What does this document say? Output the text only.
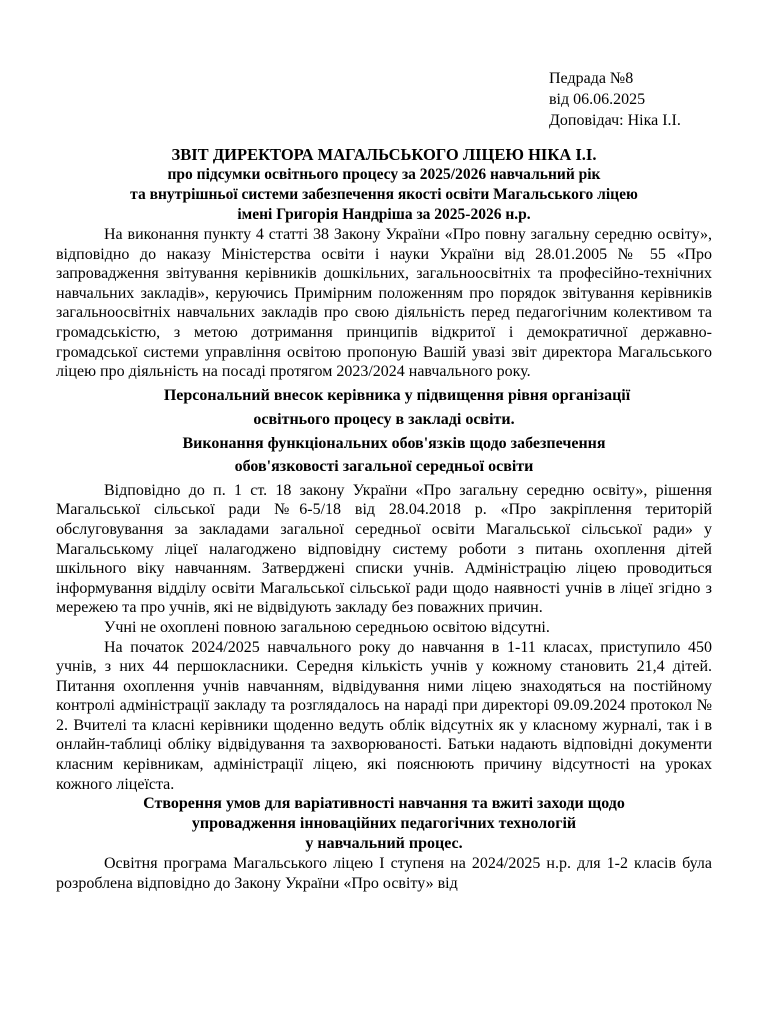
Педрада №8
від 06.06.2025
Доповідач: Ніка І.І.
ЗВІТ ДИРЕКТОРА МАГАЛЬСЬКОГО ЛІЦЕЮ НІКА І.І.
про підсумки освітнього процесу за 2025/2026 навчальний рік
та внутрішньої системи забезпечення якості освіти Магальського ліцею
імені Григорія Нандріша за 2025-2026 н.р.

На виконання пункту 4 статті 38 Закону України «Про повну загальну середню освіту», відповідно до наказу Міністерства освіти і науки України від 28.01.2005 № 55 «Про запровадження звітування керівників дошкільних, загальноосвітніх та професійно-технічних навчальних закладів», керуючись Примірним положенням про порядок звітування керівників загальноосвітніх навчальних закладів про свою діяльність перед педагогічним колективом та громадськістю, з метою дотримання принципів відкритої і демократичної державно-громадської системи управління освітою пропоную Вашій увазі звіт директора Магальського ліцею про діяльність на посаді протягом 2023/2024 навчального року.

Персональний внесок керівника у підвищення рівня організації
освітнього процесу в закладі освіти.
Виконання функціональних обов'язків щодо забезпечення
обов'язковості загальної середньої освіти

Відповідно до п. 1 ст. 18 закону України «Про загальну середню освіту», рішення Магальської сільської ради №6-5/18 від 28.04.2018 р. «Про закріплення територій обслуговування за закладами загальної середньої освіти Магальської сільської ради» у Магальському ліцеї налагоджено відповідну систему роботи з питань охоплення дітей шкільного віку навчанням. Затверджені списки учнів. Адміністрацію ліцею проводиться інформування відділу освіти Магальської сільської ради щодо наявності учнів в ліцеї згідно з мережею та про учнів, які не відвідують закладу без поважних причин.

Учні не охоплені повною загальною середньою освітою відсутні.

На початок 2024/2025 навчального року до навчання в 1-11 класах, приступило 450 учнів, з них 44 першокласники. Середня кількість учнів у кожному становить 21,4 дітей. Питання охоплення учнів навчанням, відвідування ними ліцею знаходяться на постійному контролі адміністрації закладу та розглядалось на нараді при директорі 09.09.2024 протокол № 2. Вчителі та класні керівники щоденно ведуть облік відсутніх як у класному журналі, так і в онлайн-таблиці обліку відвідування та захворюваності. Батьки надають відповідні документи класним керівникам, адміністрації ліцею, які пояснюють причину відсутності на уроках кожного ліцеїста.

Створення умов для варіативності навчання та вжиті заходи щодо
упровадження інноваційних педагогічних технологій
у навчальний процес.

Освітня програма Магальського ліцею І ступеня на 2024/2025 н.р. для 1-2 класів була розроблена відповідно до Закону України «Про освіту» від
